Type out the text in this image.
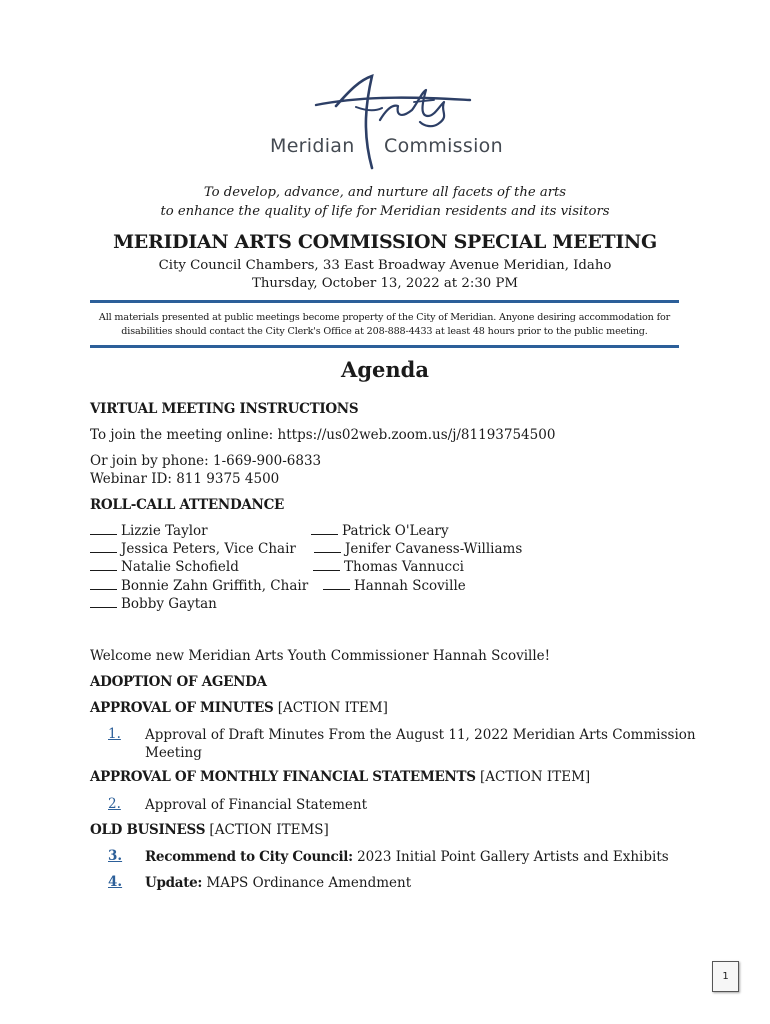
Meridian Commission
To develop, advance, and nurture all facets of the arts
to enhance the quality of life for Meridian residents and its visitors
MERIDIAN ARTS COMMISSION SPECIAL MEETING
City Council Chambers, 33 East Broadway Avenue Meridian, Idaho
Thursday, October 13, 2022 at 2:30 PM
All materials presented at public meetings become property of the City of Meridian. Anyone desiring accommodation for
disabilities should contact the City Clerk's Office at 208-888-4433 at least 48 hours prior to the public meeting.
Agenda
VIRTUAL MEETING INSTRUCTIONS
To join the meeting online: https://us02web.zoom.us/j/81193754500
Or join by phone: 1-669-900-6833
Webinar ID: 811 9375 4500
ROLL-CALL ATTENDANCE
Lizzie Taylor
Jessica Peters, Vice Chair
Natalie Schofield
Bonnie Zahn Griffith, Chair
Bobby Gaytan
Patrick O'Leary
Jenifer Cavaness-Williams
Thomas Vannucci
Hannah Scoville
Welcome new Meridian Arts Youth Commissioner Hannah Scoville!
ADOPTION OF AGENDA
APPROVAL OF MINUTES [ACTION ITEM]
1. Approval of Draft Minutes From the August 11, 2022 Meridian Arts Commission
Meeting
APPROVAL OF MONTHLY FINANCIAL STATEMENTS [ACTION ITEM]
2. Approval of Financial Statement
OLD BUSINESS [ACTION ITEMS]
3. Recommend to City Council: 2023 Initial Point Gallery Artists and Exhibits
4. Update: MAPS Ordinance Amendment
1
